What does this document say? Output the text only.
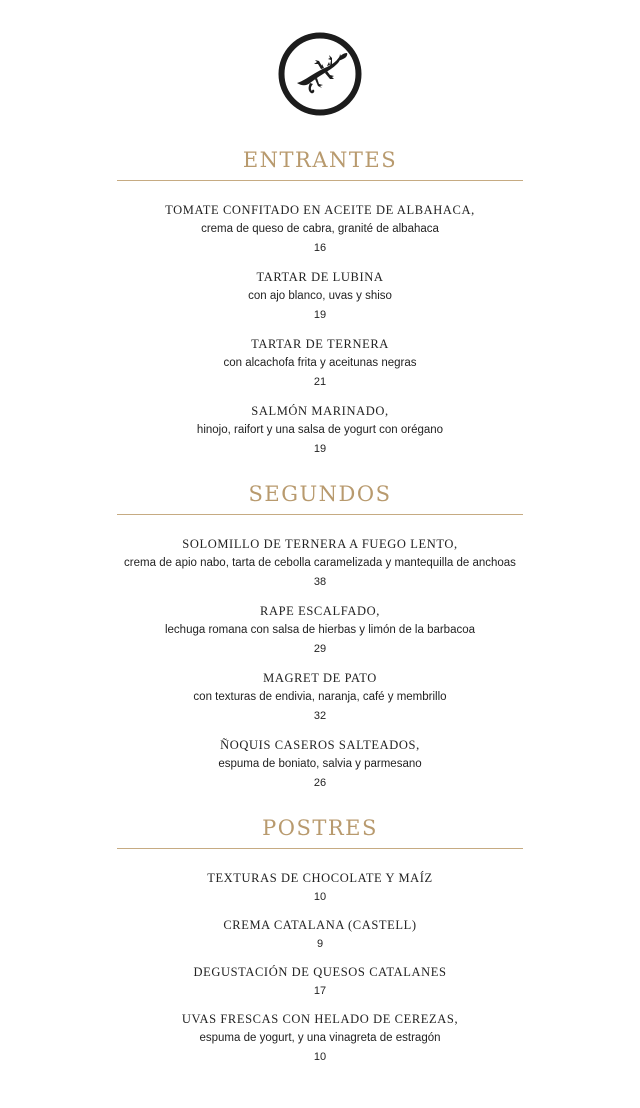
ENTRANTES
TOMATE CONFITADO EN ACEITE DE ALBAHACA,
crema de queso de cabra, granité de albahaca
16
TARTAR DE LUBINA
con ajo blanco, uvas y shiso
19
TARTAR DE TERNERA
con alcachofa frita y aceitunas negras
21
SALMÓN MARINADO,
hinojo, raifort y una salsa de yogurt con orégano
19
SEGUNDOS
SOLOMILLO DE TERNERA A FUEGO LENTO,
crema de apio nabo, tarta de cebolla caramelizada y mantequilla de anchoas
38
RAPE ESCALFADO,
lechuga romana con salsa de hierbas y limón de la barbacoa
29
MAGRET DE PATO
con texturas de endivia, naranja, café y membrillo
32
ÑOQUIS CASEROS SALTEADOS,
espuma de boniato, salvia y parmesano
26
POSTRES
TEXTURAS DE CHOCOLATE Y MAÍZ
10
CREMA CATALANA (CASTELL)
9
DEGUSTACIÓN DE QUESOS CATALANES
17
UVAS FRESCAS CON HELADO DE CEREZAS,
espuma de yogurt, y una vinagreta de estragón
10
